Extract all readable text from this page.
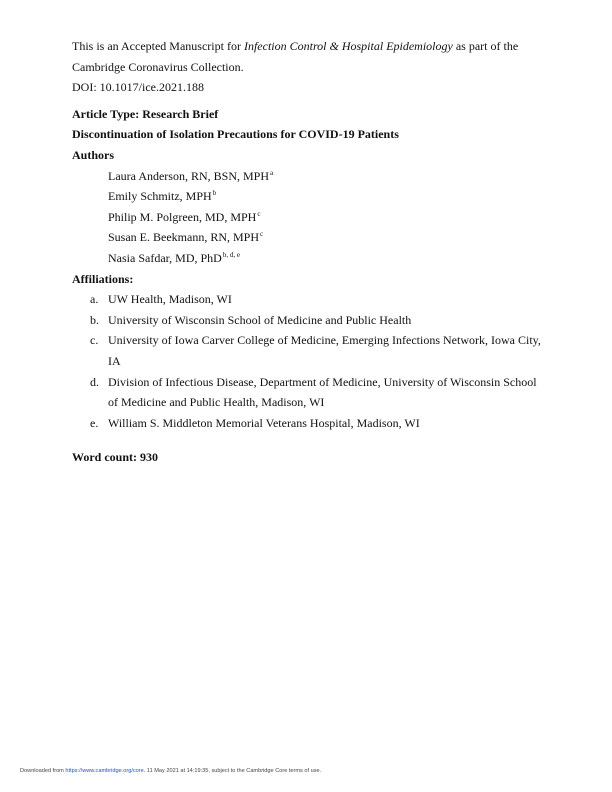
This is an Accepted Manuscript for Infection Control & Hospital Epidemiology as part of the

Cambridge Coronavirus Collection.

DOI: 10.1017/ice.2021.188

Article Type: Research Brief

Discontinuation of Isolation Precautions for COVID-19 Patients

Authors

Laura Anderson, RN, BSN, MPH$^a$
Emily Schmitz, MPH$^b$
Philip M. Polgreen, MD, MPH$^c$
Susan E. Beekmann, RN, MPH$^c$
Nasia Safdar, MD, PhD$^{b, d, e}$

Affiliations:

a. UW Health, Madison, WI
b. University of Wisconsin School of Medicine and Public Health
c. University of Iowa Carver College of Medicine, Emerging Infections Network, Iowa City, IA
d. Division of Infectious Disease, Department of Medicine, University of Wisconsin School of Medicine and Public Health, Madison, WI
e. William S. Middleton Memorial Veterans Hospital, Madison, WI

Word count: 930

Downloaded from https://www.cambridge.org/core. 11 May 2021 at 14:19:35, subject to the Cambridge Core terms of use.
